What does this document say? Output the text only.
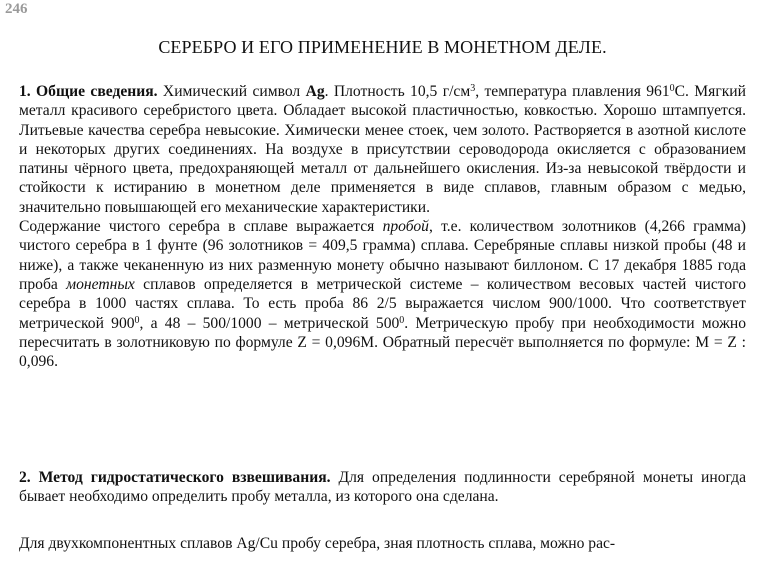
246
СЕРЕБРО И ЕГО ПРИМЕНЕНИЕ В МОНЕТНОМ ДЕЛЕ.
1. Общие сведения. Химический символ Ag. Плотность 10,5 $г/см^3$, температура плавления $961^0С$. Мягкий металл красивого серебристого цвета. Обладает высокой пластичностью, ковкостью. Хорошо штампуется. Литьевые качества серебра невысокие. Химически менее стоек, чем золото. Растворяется в азотной кислоте и некоторых других соединениях. На воздухе в присутствии сероводорода окисляется с образованием патины чёрного цвета, предохраняющей металл от дальнейшего окисления. Из-за невысокой твёрдости и стойкости к истиранию в монетном деле применяется в виде сплавов, главным образом с медью, значительно повышающей его механические характеристики.
Содержание чистого серебра в сплаве выражается пробой, т.е. количеством золотников (4,266 грамма) чистого серебра в 1 фунте (96 золотников = 409,5 грамма) сплава. Серебряные сплавы низкой пробы (48 и ниже), а также чеканенную из них разменную монету обычно называют биллоном. С 17 декабря 1885 года проба монетных сплавов определяется в метрической системе – количеством весовых частей чистого серебра в 1000 частях сплава. То есть проба 86 2/5 выражается числом 900/1000. Что соответствует метрической $900^0$, а 48 – 500/1000 – метрической $500^0$. Метрическую пробу при необходимости можно пересчитать в золотниковую по формуле Z = 0,096M. Обратный пересчёт выполняется по формуле: M = Z : 0,096.
2. Метод гидростатического взвешивания. Для определения подлинности серебряной монеты иногда бывает необходимо определить пробу металла, из которого она сделана.
Для двухкомпонентных сплавов Ag/Cu пробу серебра, зная плотность сплава, можно рас-
